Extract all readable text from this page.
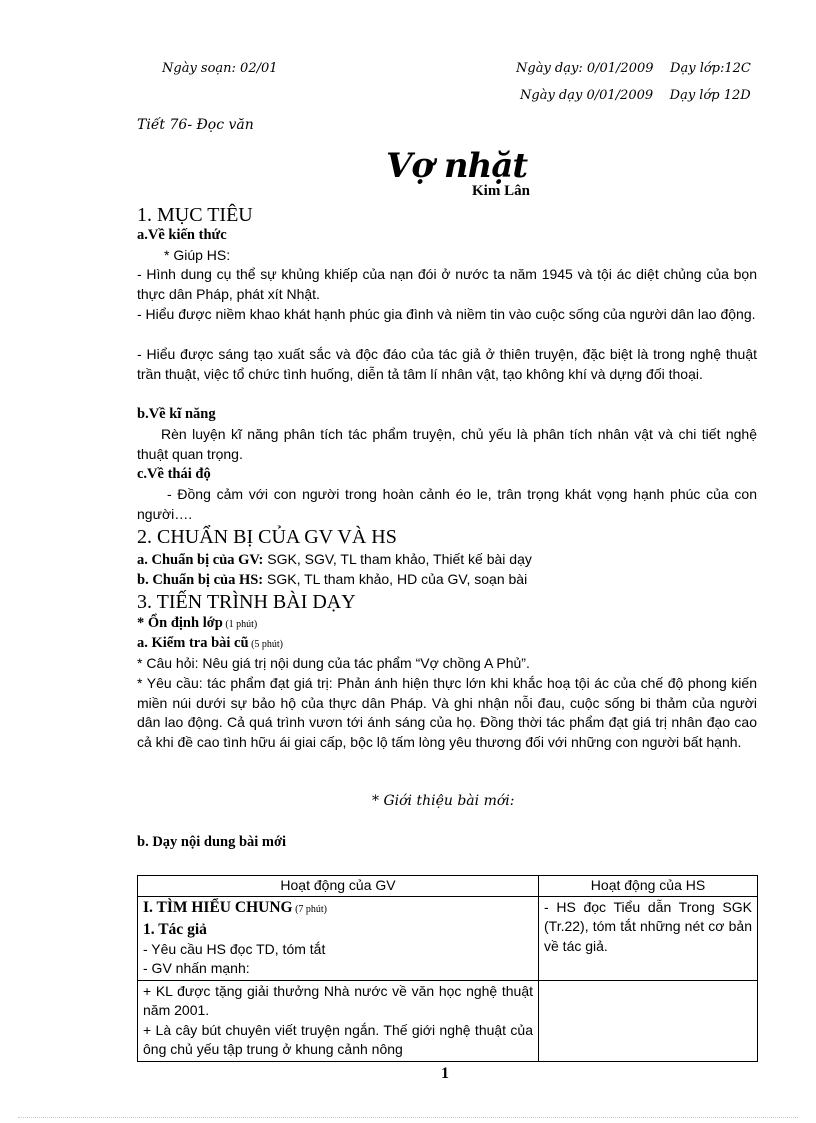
Ngày soạn: 02/01	Ngày dạy: 0/01/2009    Dạy lớp:12C
Ngày dạy 0/01/2009    Dạy lớp 12D
Tiết 76- Đọc văn
Vợ nhặt
Kim Lân
1. MỤC TIÊU
a.Về kiến thức
* Giúp HS:
- Hình dung cụ thể sự khủng khiếp của nạn đói ở nước ta năm 1945 và tội ác diệt chủng của bọn thực dân Pháp, phát xít Nhật.
- Hiểu được niềm khao khát hạnh phúc gia đình và niềm tin vào cuộc sống của người dân lao động.
- Hiểu được sáng tạo xuất sắc và độc đáo của tác giả ở thiên truyện, đặc biệt là trong nghệ thuật trần thuật, việc tổ chức tình huống, diễn tả tâm lí nhân vật, tạo không khí và dựng đối thoại.
b.Về kĩ năng
Rèn luyện kĩ năng phân tích tác phẩm truyện, chủ yếu là phân tích nhân vật và chi tiết nghệ thuật quan trọng.
c.Về thái độ
- Đồng cảm với con người trong hoàn cảnh éo le, trân trọng khát vọng hạnh phúc của con người….
2. CHUẨN BỊ CỦA GV VÀ HS
a. Chuẩn bị của GV: SGK, SGV, TL tham khảo, Thiết kế bài dạy
b. Chuẩn bị của HS: SGK, TL tham khảo, HD của GV, soạn bài
3. TIẾN TRÌNH BÀI DẠY
* Ổn định lớp (1 phút)
a. Kiểm tra bài cũ (5 phút)
* Câu hỏi: Nêu giá trị nội dung của tác phẩm “Vợ chồng A Phủ”.
* Yêu cầu: tác phẩm đạt giá trị: Phản ánh hiện thực lớn khi khắc hoạ tội ác của chế độ phong kiến miền núi dưới sự bảo hộ của thực dân Pháp. Và ghi nhận nỗi đau, cuộc sống bi thảm của người dân lao động. Cả quá trình vươn tới ánh sáng của họ. Đồng thời tác phẩm đạt giá trị nhân đạo cao cả khi đề cao tình hữu ái giai cấp, bộc lộ tấm lòng yêu thương đối với những con người bất hạnh.
* Giới thiệu bài mới:
b. Dạy nội dung bài mới
Hoạt động của GV	Hoạt động của HS

I. TÌM HIỂU CHUNG (7 phút)
1. Tác giả
- Yêu cầu HS đọc TD, tóm tắt
- GV nhấn mạnh:	- HS đọc Tiểu dẫn Trong SGK (Tr.22), tóm tắt những nét cơ bản về tác giả.

+ KL được tặng giải thưởng Nhà nước về văn học nghệ thuật năm 2001.
+ Là cây bút chuyên viết truyện ngắn. Thế giới nghệ thuật của ông chủ yếu tập trung ở khung cảnh nông	

1
